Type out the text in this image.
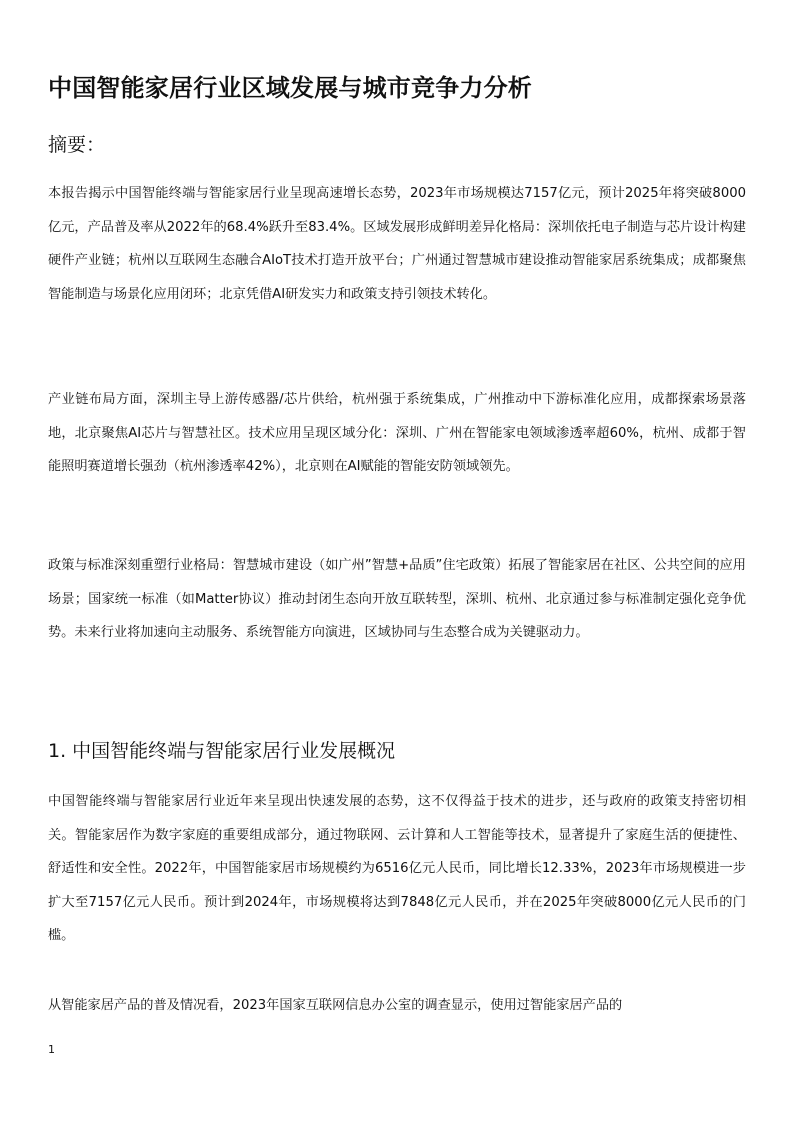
中国智能家居行业区域发展与城市竞争力分析
摘要：

本报告揭示中国智能终端与智能家居行业呈现高速增长态势，2023年市场规模达7157亿元，预计2025年将突破8000亿元，产品普及率从2022年的68.4%跃升至83.4%。区域发展形成鲜明差异化格局：深圳依托电子制造与芯片设计构建硬件产业链；杭州以互联网生态融合AIoT技术打造开放平台；广州通过智慧城市建设推动智能家居系统集成；成都聚焦智能制造与场景化应用闭环；北京凭借AI研发实力和政策支持引领技术转化。

产业链布局方面，深圳主导上游传感器/芯片供给，杭州强于系统集成，广州推动中下游标准化应用，成都探索场景落地，北京聚焦AI芯片与智慧社区。技术应用呈现区域分化：深圳、广州在智能家电领域渗透率超60%，杭州、成都于智能照明赛道增长强劲（杭州渗透率42%），北京则在AI赋能的智能安防领域领先。

政策与标准深刻重塑行业格局：智慧城市建设（如广州”智慧+品质”住宅政策）拓展了智能家居在社区、公共空间的应用场景；国家统一标准（如Matter协议）推动封闭生态向开放互联转型，深圳、杭州、北京通过参与标准制定强化竞争优势。未来行业将加速向主动服务、系统智能方向演进，区域协同与生态整合成为关键驱动力。

1. 中国智能终端与智能家居行业发展概况

中国智能终端与智能家居行业近年来呈现出快速发展的态势，这不仅得益于技术的进步，还与政府的政策支持密切相关。智能家居作为数字家庭的重要组成部分，通过物联网、云计算和人工智能等技术，显著提升了家庭生活的便捷性、舒适性和安全性。2022年，中国智能家居市场规模约为6516亿元人民币，同比增长12.33%，2023年市场规模进一步扩大至7157亿元人民币。预计到2024年，市场规模将达到7848亿元人民币，并在2025年突破8000亿元人民币的门槛。

从智能家居产品的普及情况看，2023年国家互联网信息办公室的调查显示，使用过智能家居产品的

1
